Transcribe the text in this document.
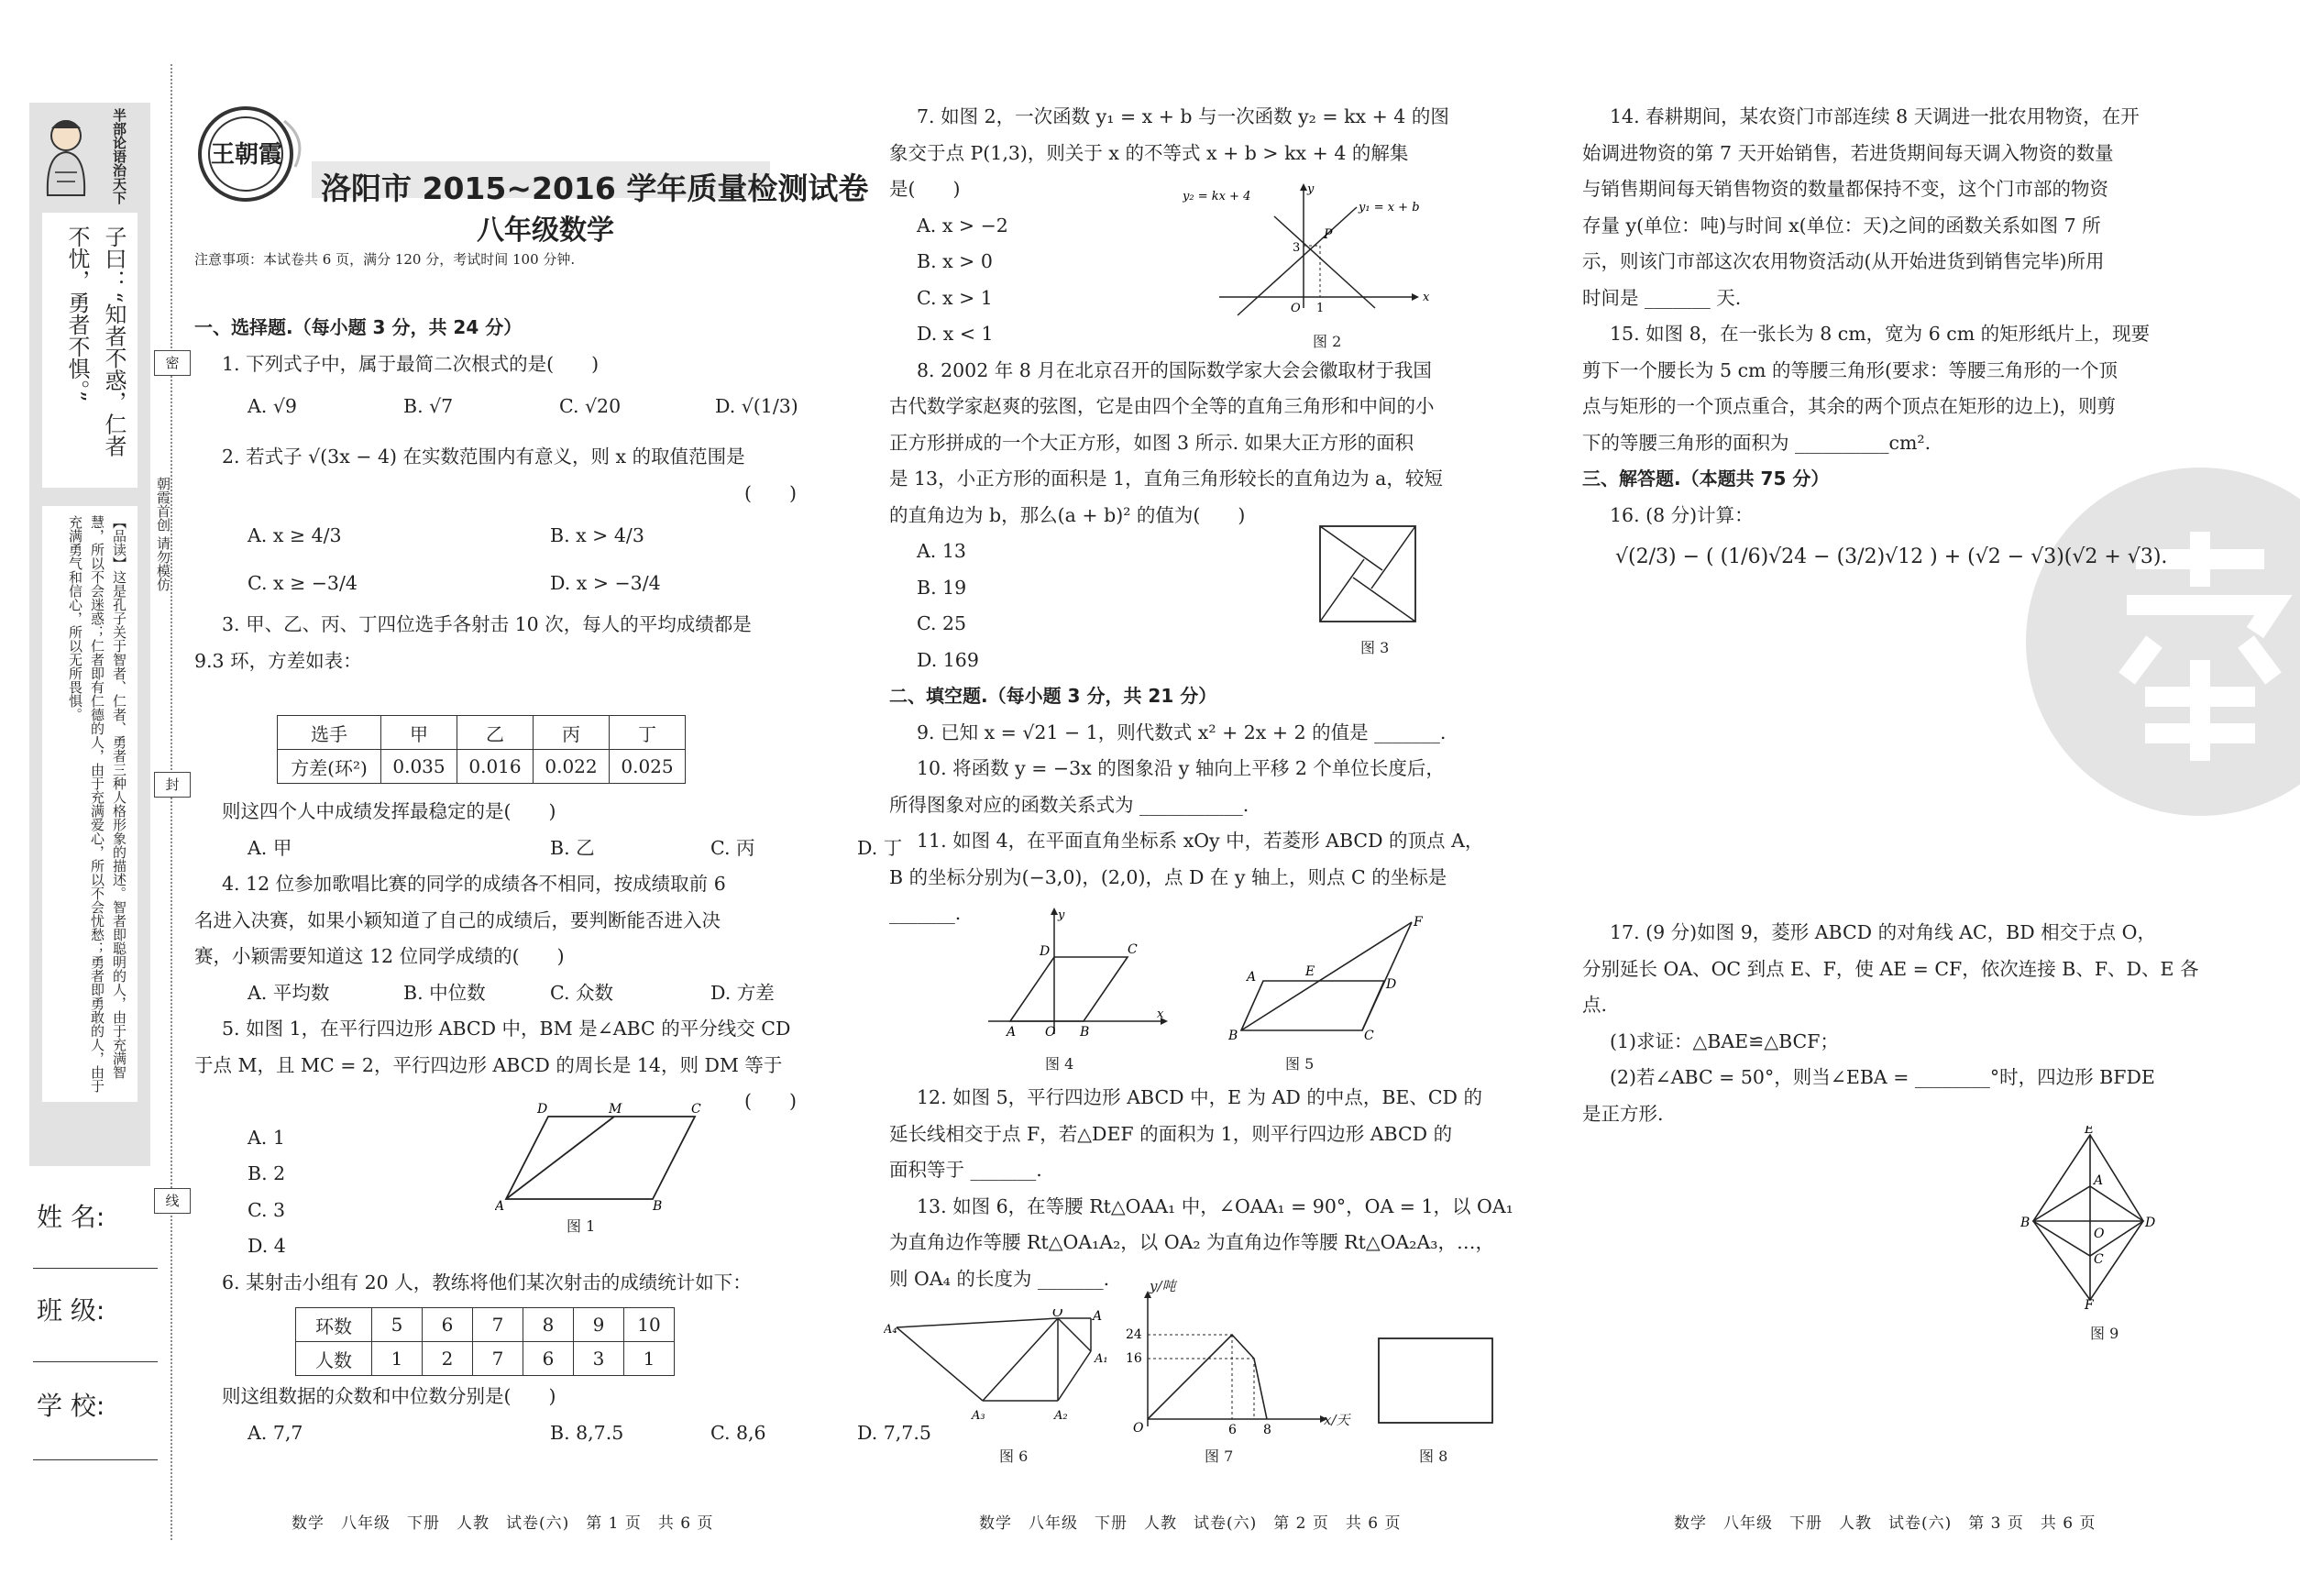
半部论语治天下
子曰：“知者不惑，仁者不忧，勇者不惧。”
【品读】这是孔子关于智者、仁者、勇者三种人格形象的描述。智者即聪明的人，由于充满智慧，所以不会迷惑；仁者即有仁德的人，由于充满爱心，所以不会忧愁；勇者即勇敢的人，由于充满勇气和信心，所以无所畏惧。
姓 名:
班 级:
学 校:
密
封
线
朝霞首创 请勿模仿
王朝霞
洛阳市 2015~2016 学年质量检测试卷
八年级数学
注意事项：本试卷共 6 页，满分 120 分，考试时间 100 分钟.

一、选择题.（每小题 3 分，共 24 分）

1. 下列式子中，属于最简二次根式的是(　　)

A. √9	B. √7	C. √20	D. √(1/3)

2. 若式子 √(3x − 4) 在实数范围内有意义，则 x 的取值范围是

(　　)

A. x ≥ 4/3	B. x > 4/3

C. x ≥ −3/4	D. x > −3/4

3. 甲、乙、丙、丁四位选手各射击 10 次，每人的平均成绩都是

9.3 环，方差如表：

选手	甲	乙	丙	丁
方差(环²)	0.035	0.016	0.022	0.025

则这四个人中成绩发挥最稳定的是(　　)

A. 甲	B. 乙	C. 丙	D. 丁

4. 12 位参加歌唱比赛的同学的成绩各不相同，按成绩取前 6

名进入决赛，如果小颖知道了自己的成绩后，要判断能否进入决

赛，小颖需要知道这 12 位同学成绩的(　　)

A. 平均数	B. 中位数	C. 众数	D. 方差

5. 如图 1，在平行四边形 ABCD 中，BM 是∠ABC 的平分线交 CD

于点 M，且 MC = 2，平行四边形 ABCD 的周长是 14，则 DM 等于

(　　)

A. 1

B. 2

C. 3

D. 4

6. 某射击小组有 20 人，教练将他们某次射击的成绩统计如下：

D	M	C
A	B
图 1
环数	5	6	7	8	9	10
人数	1	2	7	6	3	1

则这组数据的众数和中位数分别是(　　)

A. 7,7	B. 8,7.5	C. 8,6	D. 7,7.5

数学　八年级　下册　人教　试卷(六)　第 1 页　共 6 页

7. 如图 2，一次函数 y₁ = x + b 与一次函数 y₂ = kx + 4 的图

象交于点 P(1,3)，则关于 x 的不等式 x + b > kx + 4 的解集

是(　　)

A. x > −2

B. x > 0

C. x > 1

D. x < 1

8. 2002 年 8 月在北京召开的国际数学家大会会徽取材于我国

古代数学家赵爽的弦图，它是由四个全等的直角三角形和中间的小

正方形拼成的一个大正方形，如图 3 所示. 如果大正方形的面积

是 13，小正方形的面积是 1，直角三角形较长的直角边为 a，较短

的直角边为 b，那么(a + b)² 的值为(　　)

A. 13

B. 19

C. 25

D. 169

二、填空题.（每小题 3 分，共 21 分）

9. 已知 x = √21 − 1，则代数式 x² + 2x + 2 的值是 _______.

10. 将函数 y = −3x 的图象沿 y 轴向上平移 2 个单位长度后，

所得图象对应的函数关系式为 ___________.

11. 如图 4，在平面直角坐标系 xOy 中，若菱形 ABCD 的顶点 A，

B 的坐标分别为(−3,0)，(2,0)，点 D 在 y 轴上，则点 C 的坐标是

_______.

y₂ = kx + 4
y₁ = x + b
P
3
O 1
y
x
图 2
图 3
A O B
D	C
y
x
图 4
A	E
D
F
B	C
图 5

12. 如图 5，平行四边形 ABCD 中，E 为 AD 的中点，BE、CD 的

延长线相交于点 F，若△DEF 的面积为 1，则平行四边形 ABCD 的

面积等于 _______.

13. 如图 6，在等腰 Rt△OAA₁ 中，∠OAA₁ = 90°，OA = 1，以 OA₁

为直角边作等腰 Rt△OA₁A₂，以 OA₂ 为直角边作等腰 Rt△OA₂A₃，…，

则 OA₄ 的长度为 _______.

O A
A₁
A₂
A₃
A₄
图 6
24
16
O	6 8
y/吨
x/天
图 7	图 8
数学　八年级　下册　人教　试卷(六)　第 2 页　共 6 页

14. 春耕期间，某农资门市部连续 8 天调进一批农用物资，在开

始调进物资的第 7 天开始销售，若进货期间每天调入物资的数量

与销售期间每天销售物资的数量都保持不变，这个门市部的物资

存量 y(单位：吨)与时间 x(单位：天)之间的函数关系如图 7 所

示，则该门市部这次农用物资活动(从开始进货到销售完毕)所用

时间是 _______ 天.

15. 如图 8，在一张长为 8 cm，宽为 6 cm 的矩形纸片上，现要

剪下一个腰长为 5 cm 的等腰三角形(要求：等腰三角形的一个顶

点与矩形的一个顶点重合，其余的两个顶点在矩形的边上)，则剪

下的等腰三角形的面积为 __________cm².

三、解答题.（本题共 75 分）

16. (8 分)计算：

√(2/3) − ( (1/6)√24 − (3/2)√12 ) + (√2 − √3)(√2 + √3).

17. (9 分)如图 9，菱形 ABCD 的对角线 AC，BD 相交于点 O，

分别延长 OA、OC 到点 E、F，使 AE = CF，依次连接 B、F、D、E 各

点.

(1)求证：△BAE≌△BCF；

(2)若∠ABC = 50°，则当∠EBA = ________°时，四边形 BFDE

是正方形.

E
A
B	D
O
C
F
图 9
数学　八年级　下册　人教　试卷(六)　第 3 页　共 6 页
